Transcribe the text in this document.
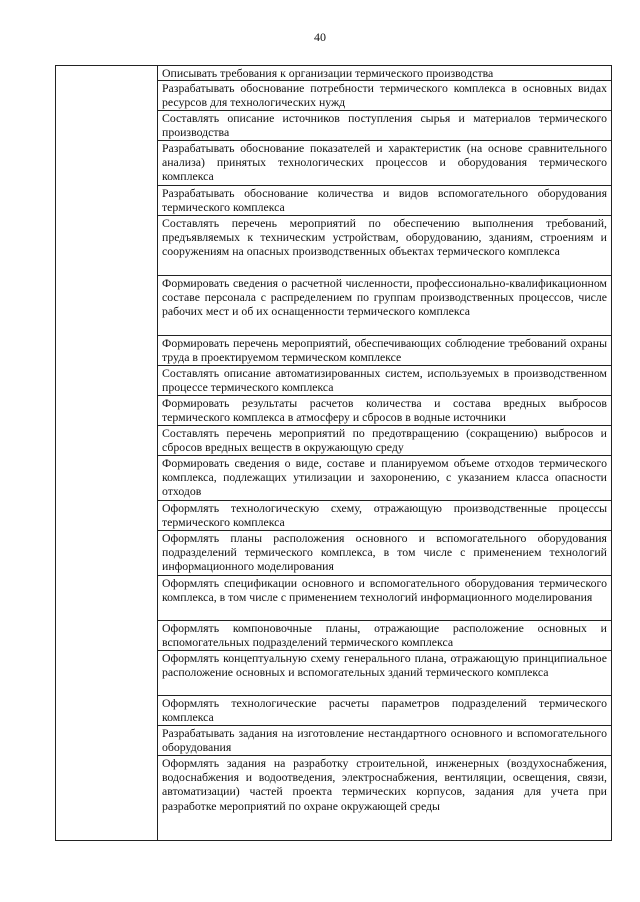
40
Описывать требования к организации термического производства
Разрабатывать обоснование потребности термического комплекса в основных видах ресурсов для технологических нужд
Составлять описание источников поступления сырья и материалов термического производства
Разрабатывать обоснование показателей и характеристик (на основе сравнительного анализа) принятых технологических процессов и оборудования термического комплекса
Разрабатывать обоснование количества и видов вспомогательного оборудования термического комплекса
Составлять перечень мероприятий по обеспечению выполнения требований, предъявляемых к техническим устройствам, оборудованию, зданиям, строениям и сооружениям на опасных производственных объектах термического комплекса
Формировать сведения о расчетной численности, профессионально-квалификационном составе персонала с распределением по группам производственных процессов, числе рабочих мест и об их оснащенности термического комплекса
Формировать перечень мероприятий, обеспечивающих соблюдение требований охраны труда в проектируемом термическом комплексе
Составлять описание автоматизированных систем, используемых в производственном процессе термического комплекса
Формировать результаты расчетов количества и состава вредных выбросов термического комплекса в атмосферу и сбросов в водные источники
Составлять перечень мероприятий по предотвращению (сокращению) выбросов и сбросов вредных веществ в окружающую среду
Формировать сведения о виде, составе и планируемом объеме отходов термического комплекса, подлежащих утилизации и захоронению, с указанием класса опасности отходов
Оформлять технологическую схему, отражающую производственные процессы термического комплекса
Оформлять планы расположения основного и вспомогательного оборудования подразделений термического комплекса, в том числе с применением технологий информационного моделирования
Оформлять спецификации основного и вспомогательного оборудования термического комплекса, в том числе с применением технологий информационного моделирования
Оформлять компоновочные планы, отражающие расположение основных и вспомогательных подразделений термического комплекса
Оформлять концептуальную схему генерального плана, отражающую принципиальное расположение основных и вспомогательных зданий термического комплекса
Оформлять технологические расчеты параметров подразделений термического комплекса
Разрабатывать задания на изготовление нестандартного основного и вспомогательного оборудования
Оформлять задания на разработку строительной, инженерных (воздухоснабжения, водоснабжения и водоотведения, электроснабжения, вентиляции, освещения, связи, автоматизации) частей проекта термических корпусов, задания для учета при разработке мероприятий по охране окружающей среды
